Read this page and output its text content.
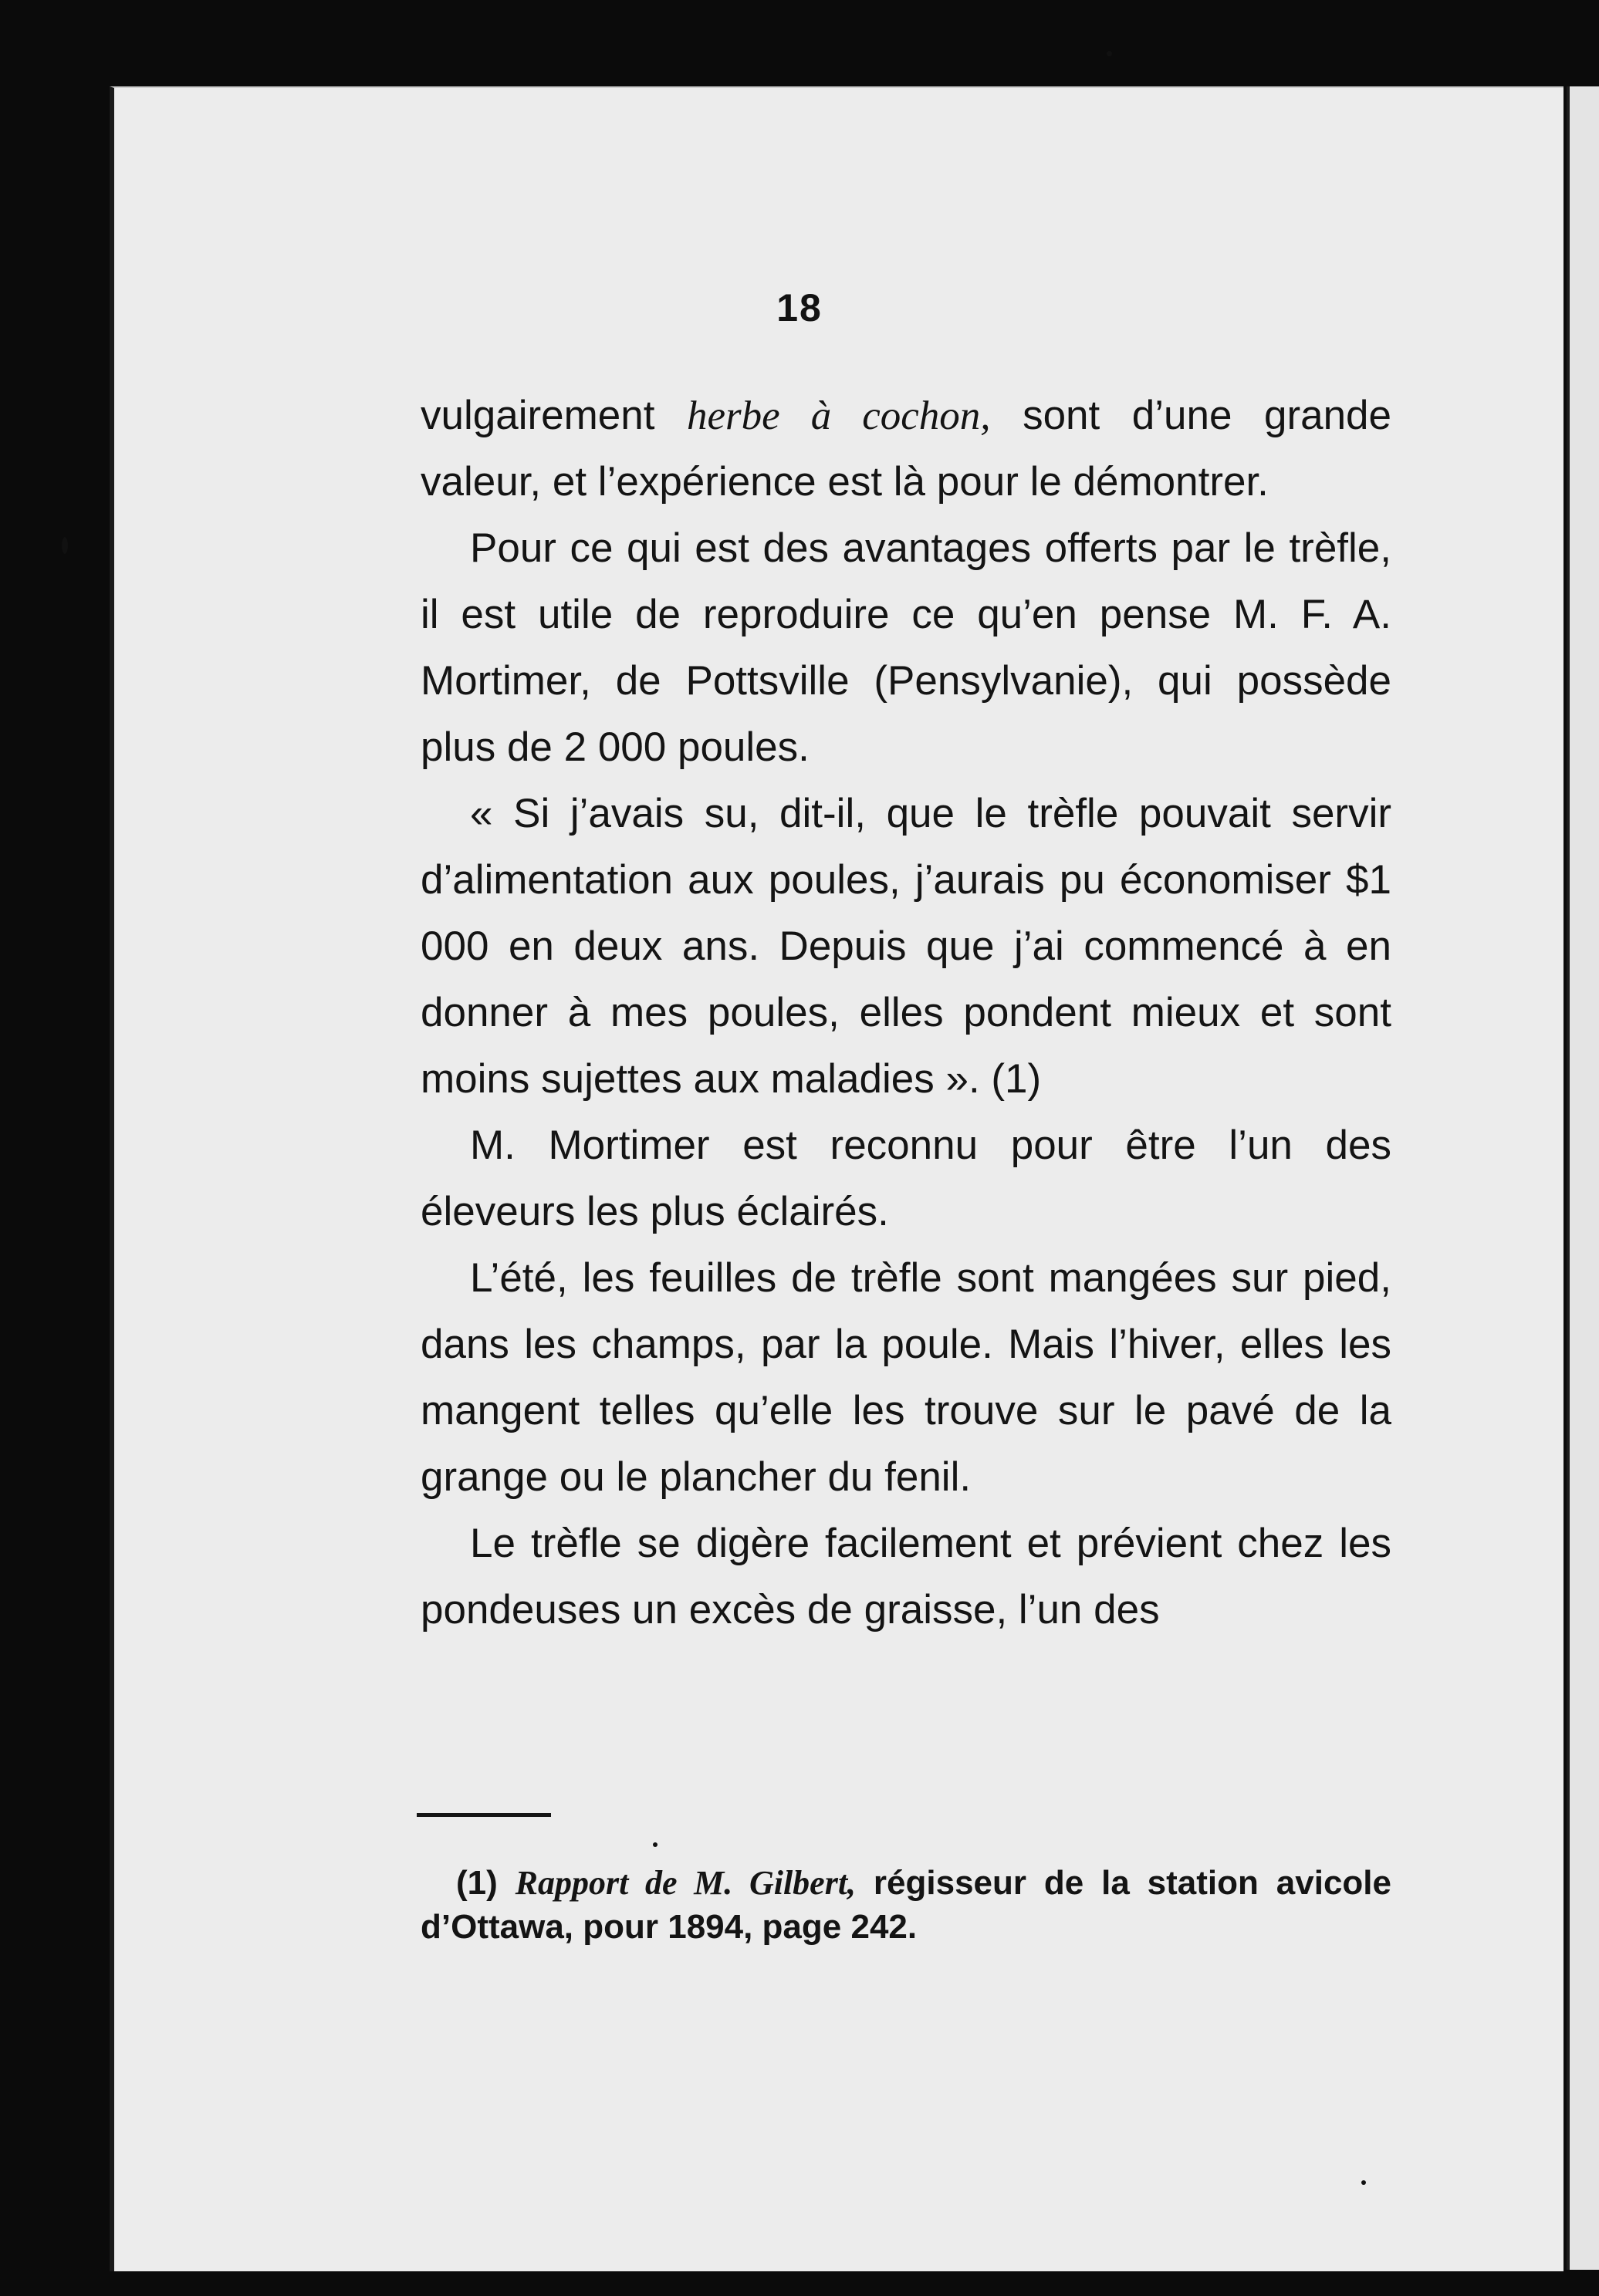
18

vulgairement herbe à cochon, sont d’une grande valeur, et l’expérience est là pour le démontrer.

Pour ce qui est des avantages offerts par le trèfle, il est utile de reproduire ce qu’en pense M. F. A. Mortimer, de Pottsville (Pensylvanie), qui possède plus de 2 000 poules.

« Si j’avais su, dit-il, que le trèfle pouvait servir d’alimentation aux poules, j’aurais pu économiser $1 000 en deux ans. Depuis que j’ai commencé à en donner à mes poules, elles pondent mieux et sont moins sujettes aux maladies ». (1)

M. Mortimer est reconnu pour être l’un des éleveurs les plus éclairés.

L’été, les feuilles de trèfle sont mangées sur pied, dans les champs, par la poule. Mais l’hiver, elles les mangent telles qu’elle les trouve sur le pavé de la grange ou le plancher du fenil.

Le trèfle se digère facilement et prévient chez les pondeuses un excès de graisse, l’un des

(1) Rapport de M. Gilbert, régisseur de la station avicole d’Ottawa, pour 1894, page 242.
